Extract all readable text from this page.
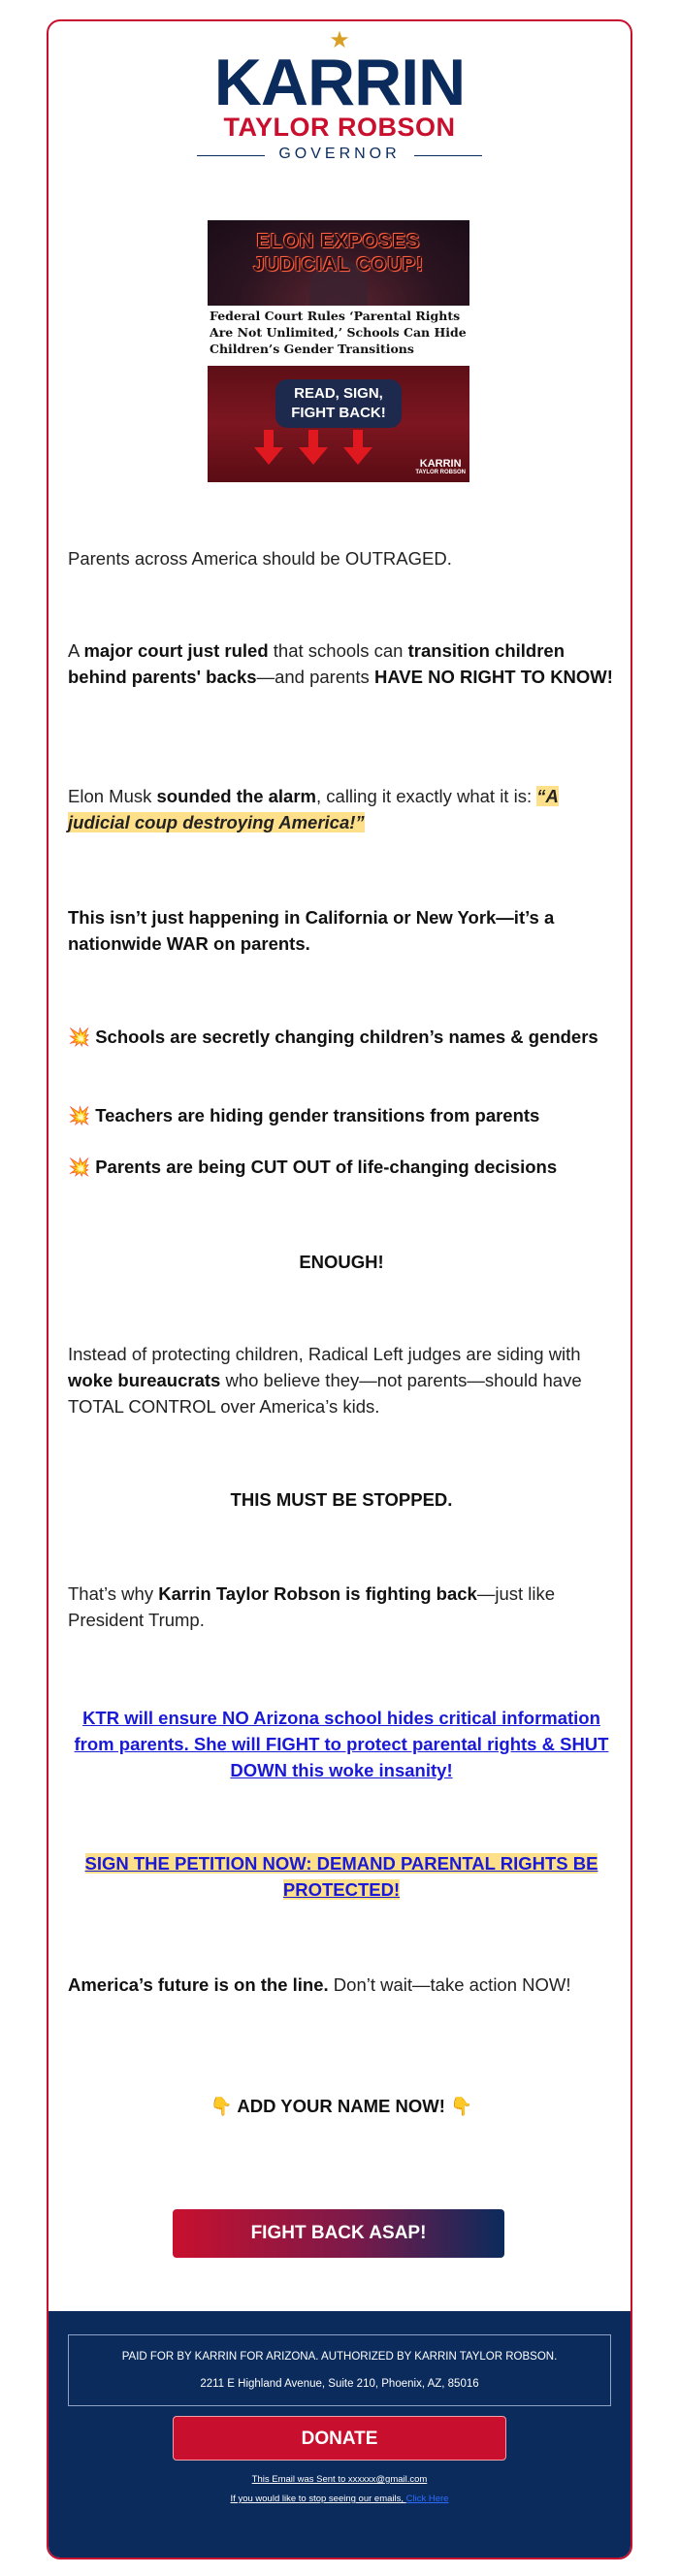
★
KARRIN
TAYLOR ROBSON
GOVERNOR
ELON EXPOSES JUDICIAL COUP!
Federal Court Rules ‘Parental Rights Are Not Unlimited,’ Schools Can Hide Children’s Gender Transitions
READ, SIGN, FIGHT BACK!
KARRIN
TAYLOR ROBSON
Parents across America should be OUTRAGED.
A major court just ruled that schools can transition children behind parents' backs—and parents HAVE NO RIGHT TO KNOW!
Elon Musk sounded the alarm, calling it exactly what it is: “A judicial coup destroying America!”
This isn’t just happening in California or New York—it’s a nationwide WAR on parents.
💥 Schools are secretly changing children’s names & genders
💥 Teachers are hiding gender transitions from parents
💥 Parents are being CUT OUT of life-changing decisions
ENOUGH!
Instead of protecting children, Radical Left judges are siding with woke bureaucrats who believe they—not parents—should have TOTAL CONTROL over America’s kids.
THIS MUST BE STOPPED.
That’s why Karrin Taylor Robson is fighting back—just like President Trump.
KTR will ensure NO Arizona school hides critical information from parents. She will FIGHT to protect parental rights & SHUT DOWN this woke insanity!
SIGN THE PETITION NOW: DEMAND PARENTAL RIGHTS BE PROTECTED!
America’s future is on the line. Don’t wait—take action NOW!
👇 ADD YOUR NAME NOW! 👇
FIGHT BACK ASAP!
PAID FOR BY KARRIN FOR ARIZONA. AUTHORIZED BY KARRIN TAYLOR ROBSON.
2211 E Highland Avenue, Suite 210, Phoenix, AZ, 85016
DONATE
This Email was Sent to xxxxxx@gmail.com
If you would like to stop seeing our emails, Click Here
